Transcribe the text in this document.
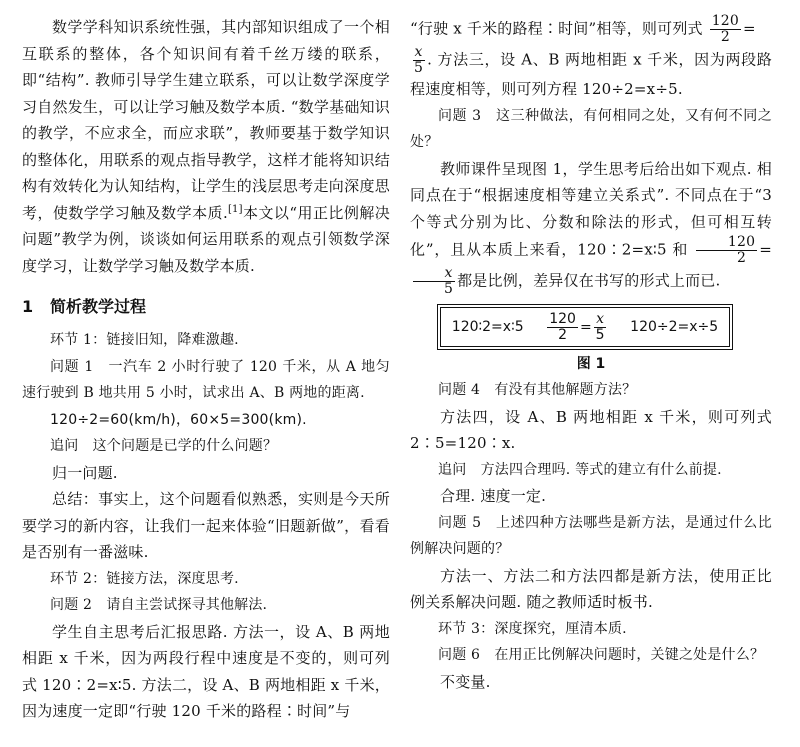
数学学科知识系统性强，其内部知识组成了一个相互联系的整体，各个知识间有着千丝万缕的联系，即“结构”. 教师引导学生建立联系，可以让数学深度学习自然发生，可以让学习触及数学本质. “数学基础知识的教学，不应求全，而应求联”，教师要基于数学知识的整体化，用联系的观点指导教学，这样才能将知识结构有效转化为认知结构，让学生的浅层思考走向深度思考，使数学学习触及数学本质.[1]本文以“用正比例解决问题”教学为例，谈谈如何运用联系的观点引领数学深度学习，让数学学习触及数学本质.

1 简析教学过程

环节 1：链接旧知，降难激趣.

问题 1　一汽车 2 小时行驶了 120 千米，从 A 地匀速行驶到 B 地共用 5 小时，试求出 A、B 两地的距离.

120÷2=60(km/h)，60×5=300(km).

追问　这个问题是已学的什么问题？

归一问题.

总结：事实上，这个问题看似熟悉，实则是今天所要学习的新内容，让我们一起来体验“旧题新做”，看看是否别有一番滋味.

环节 2：链接方法，深度思考.

问题 2　请自主尝试探寻其他解法.

学生自主思考后汇报思路. 方法一，设 A、B 两地相距 x 千米，因为两段行程中速度是不变的，则可列式 120∶2=x∶5. 方法二，设 A、B 两地相距 x 千米，因为速度一定即“行驶 120 千米的路程∶时间”与

“行驶 x 千米的路程∶时间”相等，则可列式 $\frac{120}{2}$ =

$\frac{x}{5}$ . 方法三，设 A、B 两地相距 x 千米，因为两段路程速度相等，则可列方程 120÷2=x÷5.

问题 3　这三种做法，有何相同之处，又有何不同之处？

教师课件呈现图 1，学生思考后给出如下观点. 相同点在于“根据速度相等建立关系式”. 不同点在于“3 个等式分别为比、分数和除法的形式，但可相互转化”，且从本质上来看，120∶2=x∶5 和 $\frac{120}{2}$ =
$\frac{x}{5}$ 都是比例，差异仅在书写的形式上而已.

120∶2=x∶5 $\frac{120}{2} = \frac{x}{5} 120\div 2=x\div 5$
图 1

问题 4　有没有其他解题方法？

方法四，设 A、B 两地相距 x 千米，则可列式 2∶5=120∶x.

追问　方法四合理吗. 等式的建立有什么前提.

合理. 速度一定.

问题 5　上述四种方法哪些是新方法，是通过什么比例解决问题的？

方法一、方法二和方法四都是新方法，使用正比例关系解决问题. 随之教师适时板书.

环节 3：深度探究，厘清本质.

问题 6　在用正比例解决问题时，关键之处是什么？

不变量.
